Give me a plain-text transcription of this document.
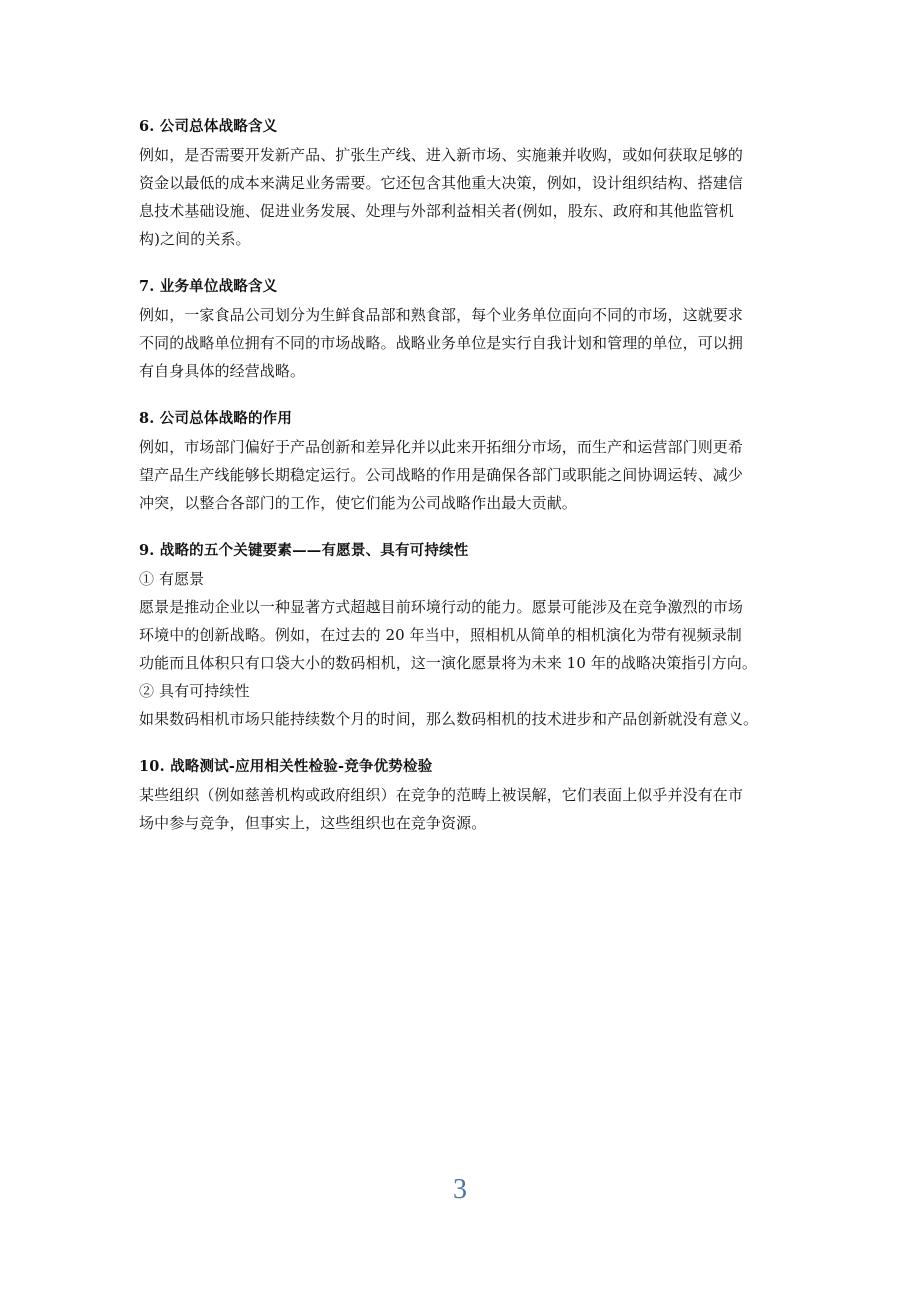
6. 公司总体战略含义
例如，是否需要开发新产品、扩张生产线、进入新市场、实施兼并收购，或如何获取足够的
资金以最低的成本来满足业务需要。它还包含其他重大决策，例如，设计组织结构、搭建信
息技术基础设施、促进业务发展、处理与外部利益相关者(例如，股东、政府和其他监管机
构)之间的关系。
7. 业务单位战略含义
例如，一家食品公司划分为生鲜食品部和熟食部，每个业务单位面向不同的市场，这就要求
不同的战略单位拥有不同的市场战略。战略业务单位是实行自我计划和管理的单位，可以拥
有自身具体的经营战略。
8. 公司总体战略的作用
例如，市场部门偏好于产品创新和差异化并以此来开拓细分市场，而生产和运营部门则更希
望产品生产线能够长期稳定运行。公司战略的作用是确保各部门或职能之间协调运转、减少
冲突，以整合各部门的工作，使它们能为公司战略作出最大贡献。
9. 战略的五个关键要素——有愿景、具有可持续性
① 有愿景
愿景是推动企业以一种显著方式超越目前环境行动的能力。愿景可能涉及在竞争激烈的市场
环境中的创新战略。例如，在过去的 20 年当中，照相机从简单的相机演化为带有视频录制
功能而且体积只有口袋大小的数码相机，这一演化愿景将为未来 10 年的战略决策指引方向。
② 具有可持续性
如果数码相机市场只能持续数个月的时间，那么数码相机的技术进步和产品创新就没有意义。
10. 战略测试-应用相关性检验-竞争优势检验
某些组织（例如慈善机构或政府组织）在竞争的范畴上被误解，它们表面上似乎并没有在市
场中参与竞争，但事实上，这些组织也在竞争资源。
3
